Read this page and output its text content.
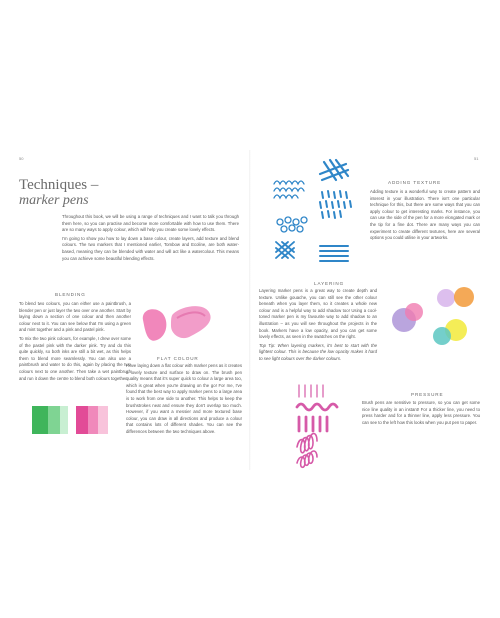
50	51
Techniques –
marker pens
Throughout this book, we will be using a range of techniques and I want to talk you through them here, so you can practise and become more comfortable with how to use them. There are so many ways to apply colour, which will help you create some lovely effects.
I'm going to show you how to lay down a base colour, create layers, add texture and blend colours. The two markers that I mentioned earlier, Tombow and Ecoline, are both water-based, meaning they can be blended with water and will act like a watercolour. This means you can achieve some beautiful blending effects.
BLENDING
To blend two colours, you can either use a paintbrush, a blender pen or just layer the two over one another. Start by laying down a section of one colour and then another colour next to it. You can see below that I'm using a green and mint together and a pink and pastel pink.
To mix the two pink colours, for example, I drew over some of the pastel pink with the darker pink. Try and do this quite quickly, so both inks are still a bit wet, as this helps them to blend more seamlessly. You can also use a paintbrush and water to do this, again by placing the two colours next to one another. Then take a wet paintbrush and run it down the centre to blend both colours together.
FLAT COLOUR
I love laying down a flat colour with marker pens as it creates a lovely texture and surface to draw on. The brush pen quality means that it's super quick to colour a large area too, which is great when you're drawing on the go! For me, I've found that the best way to apply marker pens to a large area is to work from one side to another. This helps to keep the brushstrokes neat and ensure they don't overlap too much. However, if you want a messier and more textured base colour, you can draw in all directions and produce a colour that contains lots of different shades. You can see the differences between the two techniques above.
ADDING TEXTURE
Adding texture is a wonderful way to create pattern and interest in your illustration. There isn't one particular technique for this, but there are some ways that you can apply colour to get interesting marks. For instance, you can use the side of the pen for a more elongated mark or the tip for a fine dot. There are many ways you can experiment to create different textures, here are several options you could utilise in your artworks.
LAYERING
Layering marker pens is a great way to create depth and texture. Unlike gouache, you can still see the other colour beneath when you layer them, so it creates a whole new colour and is a helpful way to add shadow too! Using a cool-toned marker pen is my favourite way to add shadow to an illustration – as you will see throughout the projects in the book. Markers have a low opacity, and you can get some lovely effects, as seen in the swatches on the right.
Top Tip: When layering markers, it's best to start with the lightest colour. This is because the low opacity makes it hard to see light colours over the darker colours.
PRESSURE
Brush pens are sensitive to pressure, so you can get some nice line quality in an instant! For a thicker line, you need to press harder and for a thinner line, apply less pressure. You can see to the left how this looks when you put pen to paper.
